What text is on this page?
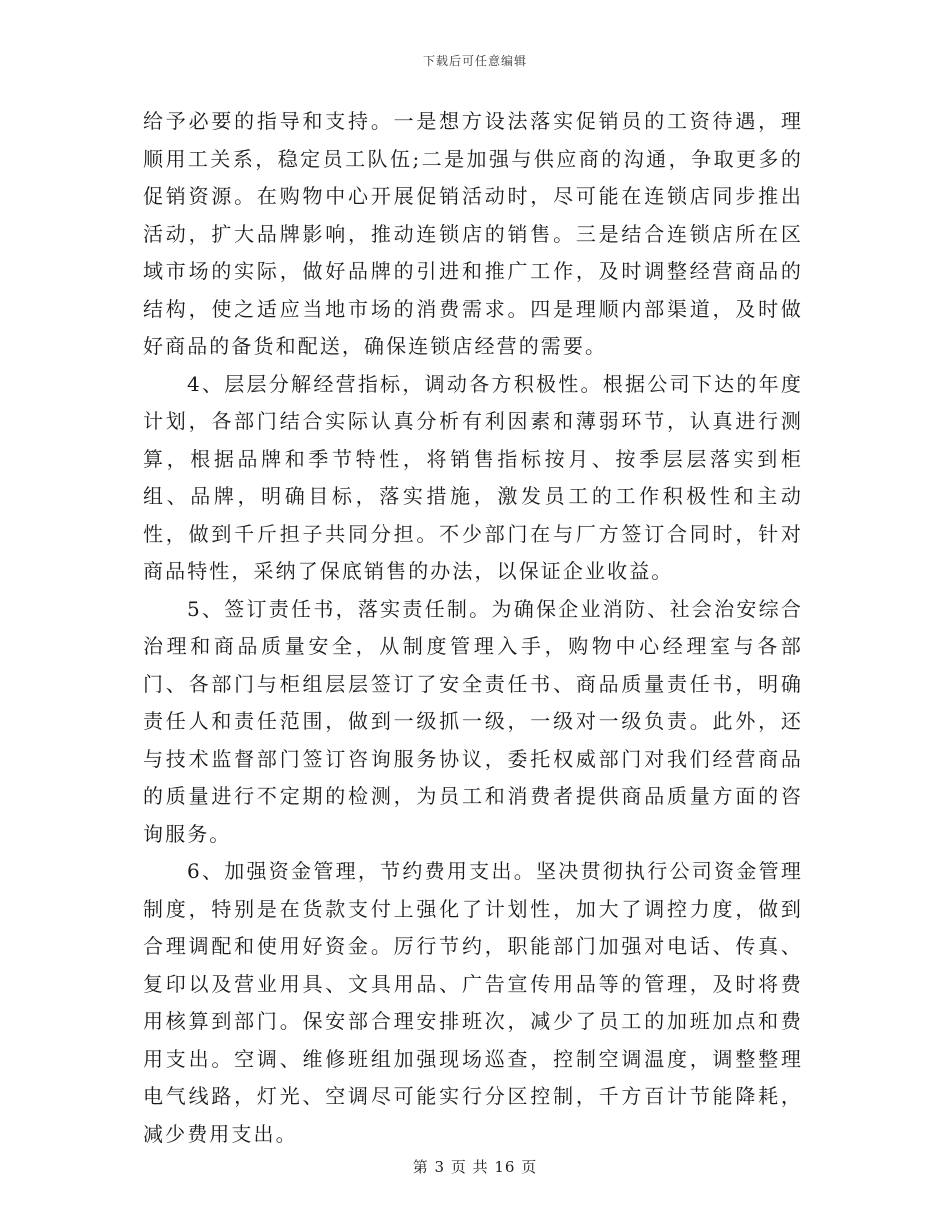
下载后可任意编辑

给予必要的指导和支持。一是想方设法落实促销员的工资待遇，理顺用工关系，稳定员工队伍;二是加强与供应商的沟通，争取更多的促销资源。在购物中心开展促销活动时，尽可能在连锁店同步推出活动，扩大品牌影响，推动连锁店的销售。三是结合连锁店所在区域市场的实际，做好品牌的引进和推广工作，及时调整经营商品的结构，使之适应当地市场的消费需求。四是理顺内部渠道，及时做好商品的备货和配送，确保连锁店经营的需要。

4、层层分解经营指标，调动各方积极性。根据公司下达的年度计划，各部门结合实际认真分析有利因素和薄弱环节，认真进行测算，根据品牌和季节特性，将销售指标按月、按季层层落实到柜组、品牌，明确目标，落实措施，激发员工的工作积极性和主动性，做到千斤担子共同分担。不少部门在与厂方签订合同时，针对商品特性，采纳了保底销售的办法，以保证企业收益。

5、签订责任书，落实责任制。为确保企业消防、社会治安综合治理和商品质量安全，从制度管理入手，购物中心经理室与各部门、各部门与柜组层层签订了安全责任书、商品质量责任书，明确责任人和责任范围，做到一级抓一级，一级对一级负责。此外，还与技术监督部门签订咨询服务协议，委托权威部门对我们经营商品的质量进行不定期的检测，为员工和消费者提供商品质量方面的咨询服务。

6、加强资金管理，节约费用支出。坚决贯彻执行公司资金管理制度，特别是在货款支付上强化了计划性，加大了调控力度，做到合理调配和使用好资金。厉行节约，职能部门加强对电话、传真、复印以及营业用具、文具用品、广告宣传用品等的管理，及时将费用核算到部门。保安部合理安排班次，减少了员工的加班加点和费用支出。空调、维修班组加强现场巡查，控制空调温度，调整整理电气线路，灯光、空调尽可能实行分区控制，千方百计节能降耗，减少费用支出。

第 3 页 共 16 页
